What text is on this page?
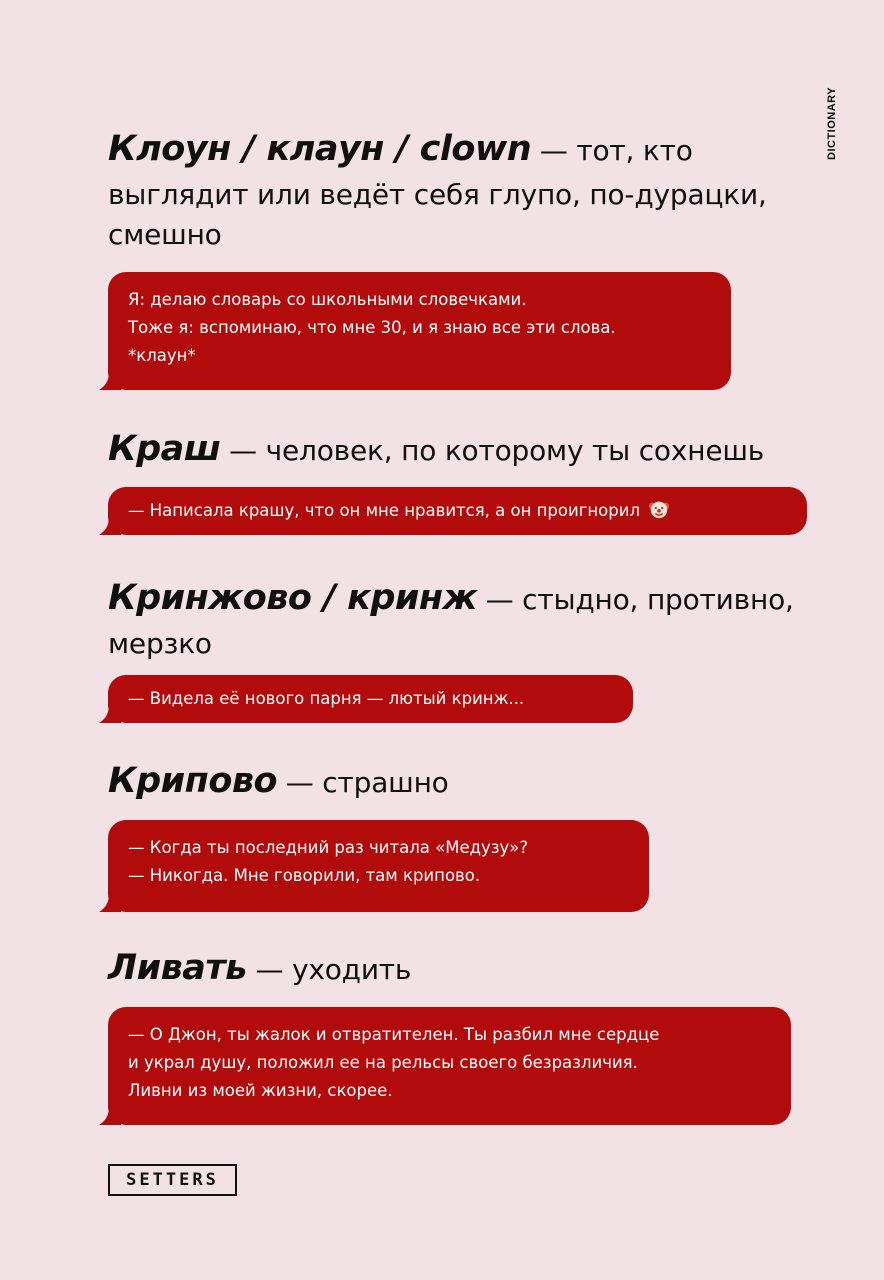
DICTIONARY
Клоун / клаун / clown — тот, кто выглядит или ведёт себя глупо, по-дурацки, смешно
Я: делаю словарь со школьными словечками.
Тоже я: вспоминаю, что мне 30, и я знаю все эти слова.
*клаун*
Краш — человек, по которому ты сохнешь
— Написала крашу, что он мне нравится, а он проигнорил
Кринжово / кринж — стыдно, противно, мерзко
— Видела её нового парня — лютый кринж...
Крипово — страшно
— Когда ты последний раз читала «Медузу»?
— Никогда. Мне говорили, там крипово.
Ливать — уходить
— О Джон, ты жалок и отвратителен. Ты разбил мне сердце
и украл душу, положил ее на рельсы своего безразличия.
Ливни из моей жизни, скорее.
SETTERS
